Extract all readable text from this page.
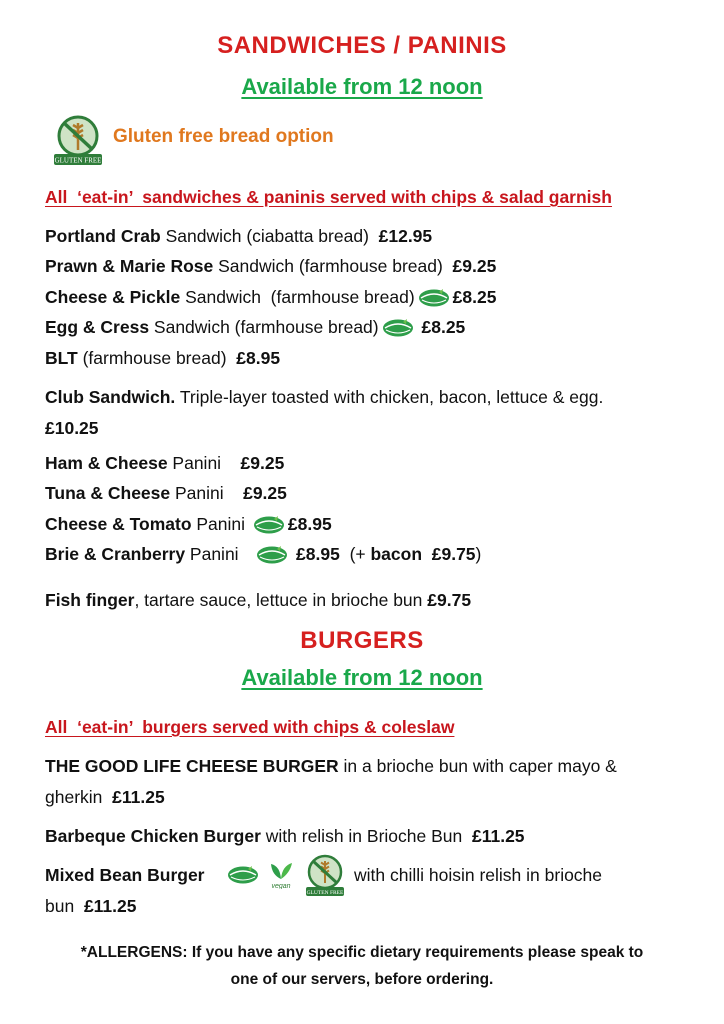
SANDWICHES / PANINIS
Available from 12 noon
GLUTEN FREE
Gluten free bread option
All  ‘eat-in’  sandwiches & paninis served with chips & salad garnish
Portland Crab Sandwich (ciabatta bread)  £12.95
Prawn & Marie Rose Sandwich (farmhouse bread)  £9.25
Cheese & Pickle Sandwich  (farmhouse bread) £8.25
Egg & Cress Sandwich (farmhouse bread) £8.25
BLT (farmhouse bread)  £8.95
Club Sandwich. Triple-layer toasted with chicken, bacon, lettuce & egg.
£10.25
Ham & Cheese Panini    £9.25
Tuna & Cheese Panini    £9.25
Cheese & Tomato Panini £8.95
Brie & Cranberry Panini    £8.95  (+ bacon  £9.75)
Fish finger, tartare sauce, lettuce in brioche bun £9.75
BURGERS
Available from 12 noon
All  ‘eat-in’  burgers served with chips & coleslaw
THE GOOD LIFE CHEESE BURGER in a brioche bun with caper mayo &
gherkin  £11.25
Barbeque Chicken Burger with relish in Brioche Bun  £11.25
Mixed Bean Burger
vegan
GLUTEN FREE
with chilli hoisin relish in brioche
bun  £11.25
*ALLERGENS: If you have any specific dietary requirements please speak to
one of our servers, before ordering.
